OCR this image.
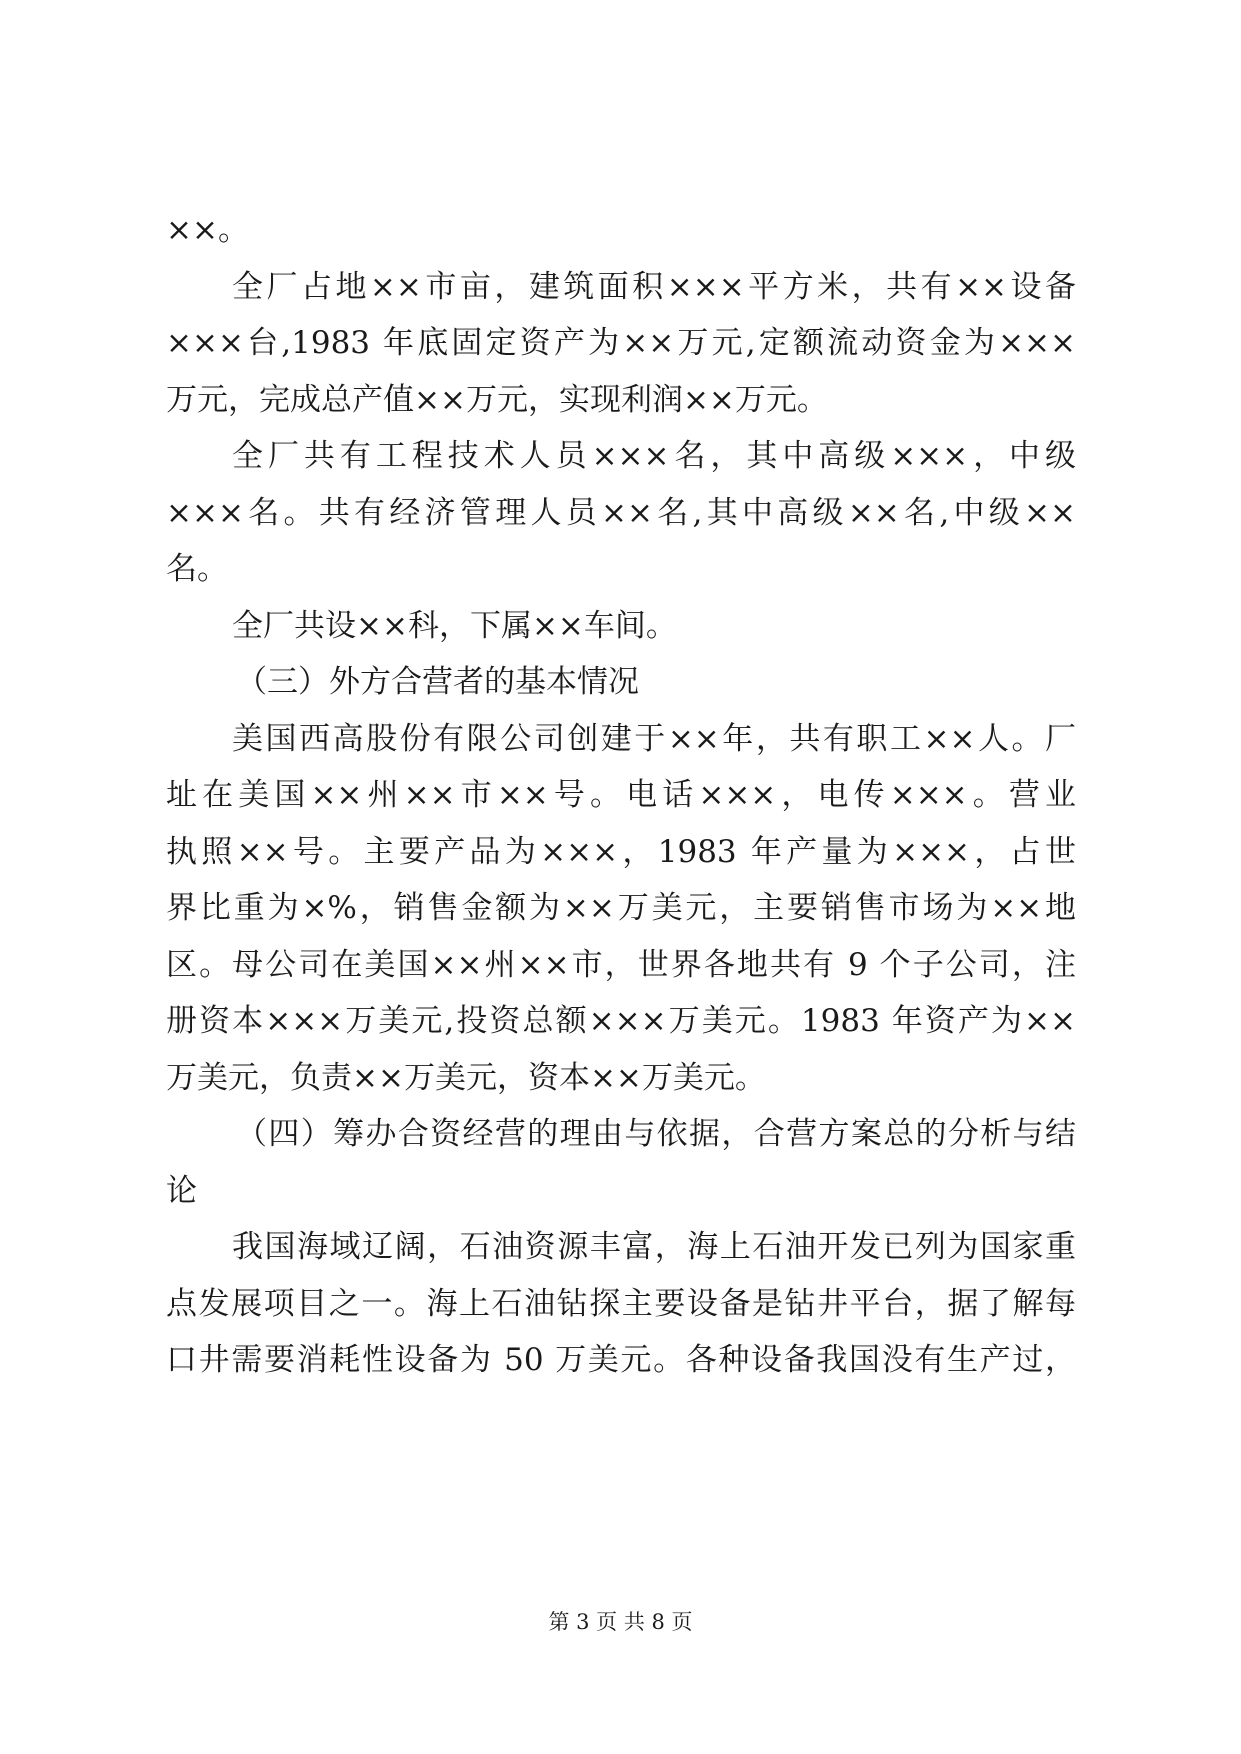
××。
全厂占地××市亩，建筑面积×××平方米，共有××设备
×××台,1983 年底固定资产为××万元,定额流动资金为×××
万元，完成总产值××万元，实现利润××万元。
全厂共有工程技术人员×××名，其中高级×××，中级
×××名。共有经济管理人员××名,其中高级××名,中级××
名。
全厂共设××科，下属××车间。
（三）外方合营者的基本情况
美国西高股份有限公司创建于××年，共有职工××人。厂
址在美国××州××市××号。电话×××，电传×××。营业
执照××号。主要产品为×××，1983 年产量为×××，占世
界比重为×%，销售金额为××万美元，主要销售市场为××地
区。母公司在美国××州××市，世界各地共有 9 个子公司，注
册资本×××万美元,投资总额×××万美元。1983 年资产为××
万美元，负责××万美元，资本××万美元。
（四）筹办合资经营的理由与依据，合营方案总的分析与结
论
我国海域辽阔，石油资源丰富，海上石油开发已列为国家重
点发展项目之一。海上石油钻探主要设备是钻井平台，据了解每
口井需要消耗性设备为 50 万美元。各种设备我国没有生产过，
第 3 页 共 8 页
